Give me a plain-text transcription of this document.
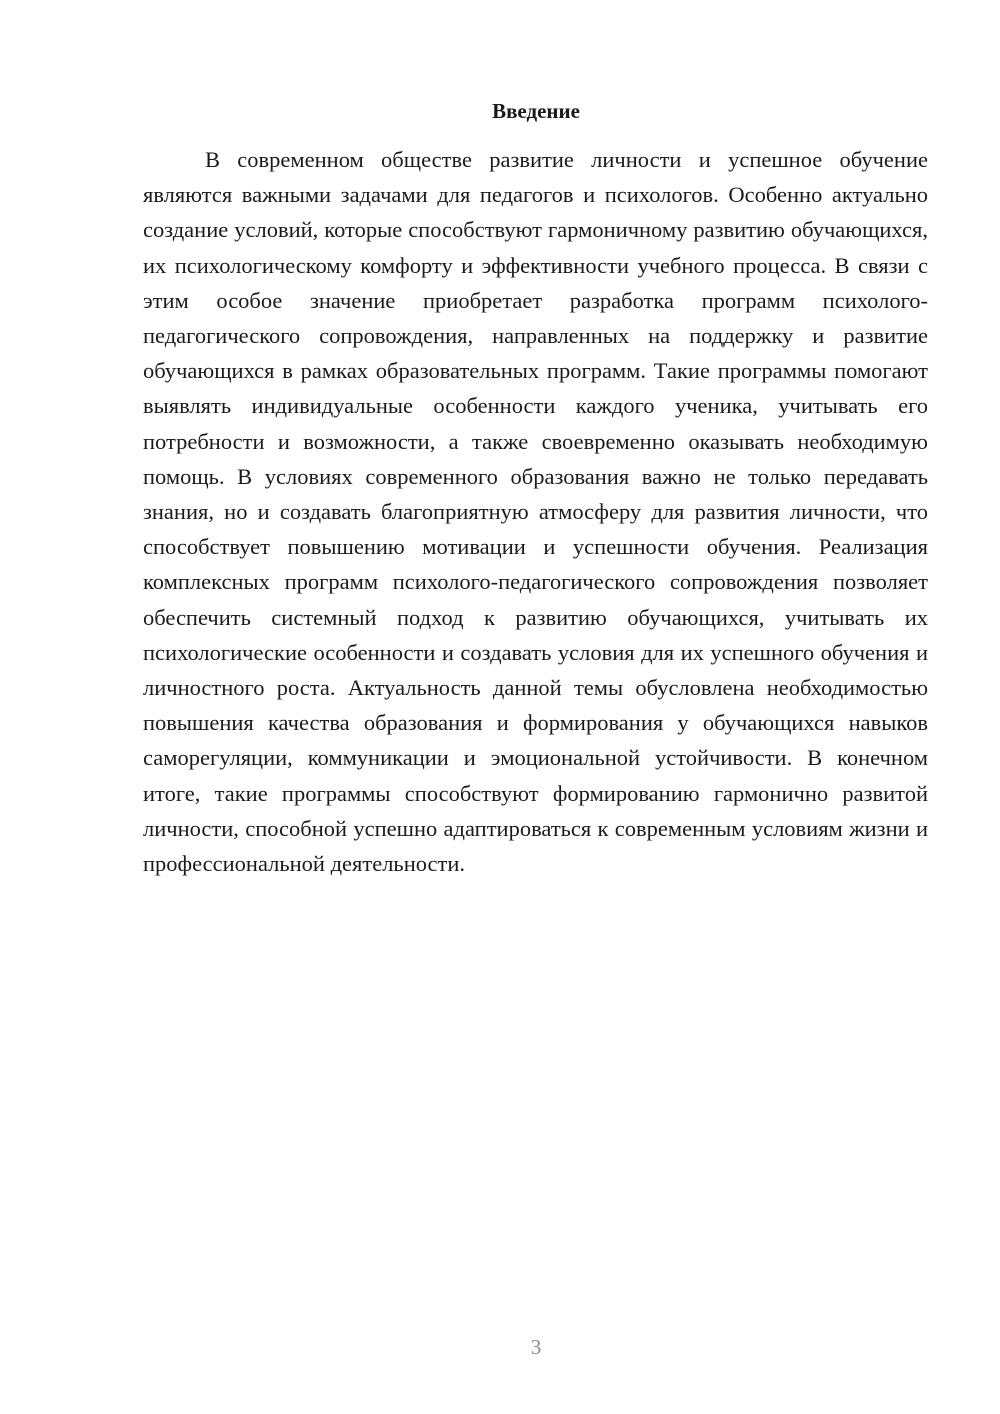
Введение

В современном обществе развитие личности и успешное обучение являются важными задачами для педагогов и психологов. Особенно актуально создание условий, которые способствуют гармоничному развитию обучающихся, их психологическому комфорту и эффективности учебного процесса. В связи с этим особое значение приобретает разработка программ психолого-педагогического сопровождения, направленных на поддержку и развитие обучающихся в рамках образовательных программ. Такие программы помогают выявлять индивидуальные особенности каждого ученика, учитывать его потребности и возможности, а также своевременно оказывать необходимую помощь. В условиях современного образования важно не только передавать знания, но и создавать благоприятную атмосферу для развития личности, что способствует повышению мотивации и успешности обучения. Реализация комплексных программ психолого-педагогического сопровождения позволяет обеспечить системный подход к развитию обучающихся, учитывать их психологические особенности и создавать условия для их успешного обучения и личностного роста. Актуальность данной темы обусловлена необходимостью повышения качества образования и формирования у обучающихся навыков саморегуляции, коммуникации и эмоциональной устойчивости. В конечном итоге, такие программы способствуют формированию гармонично развитой личности, способной успешно адаптироваться к современным условиям жизни и профессиональной деятельности.

3
